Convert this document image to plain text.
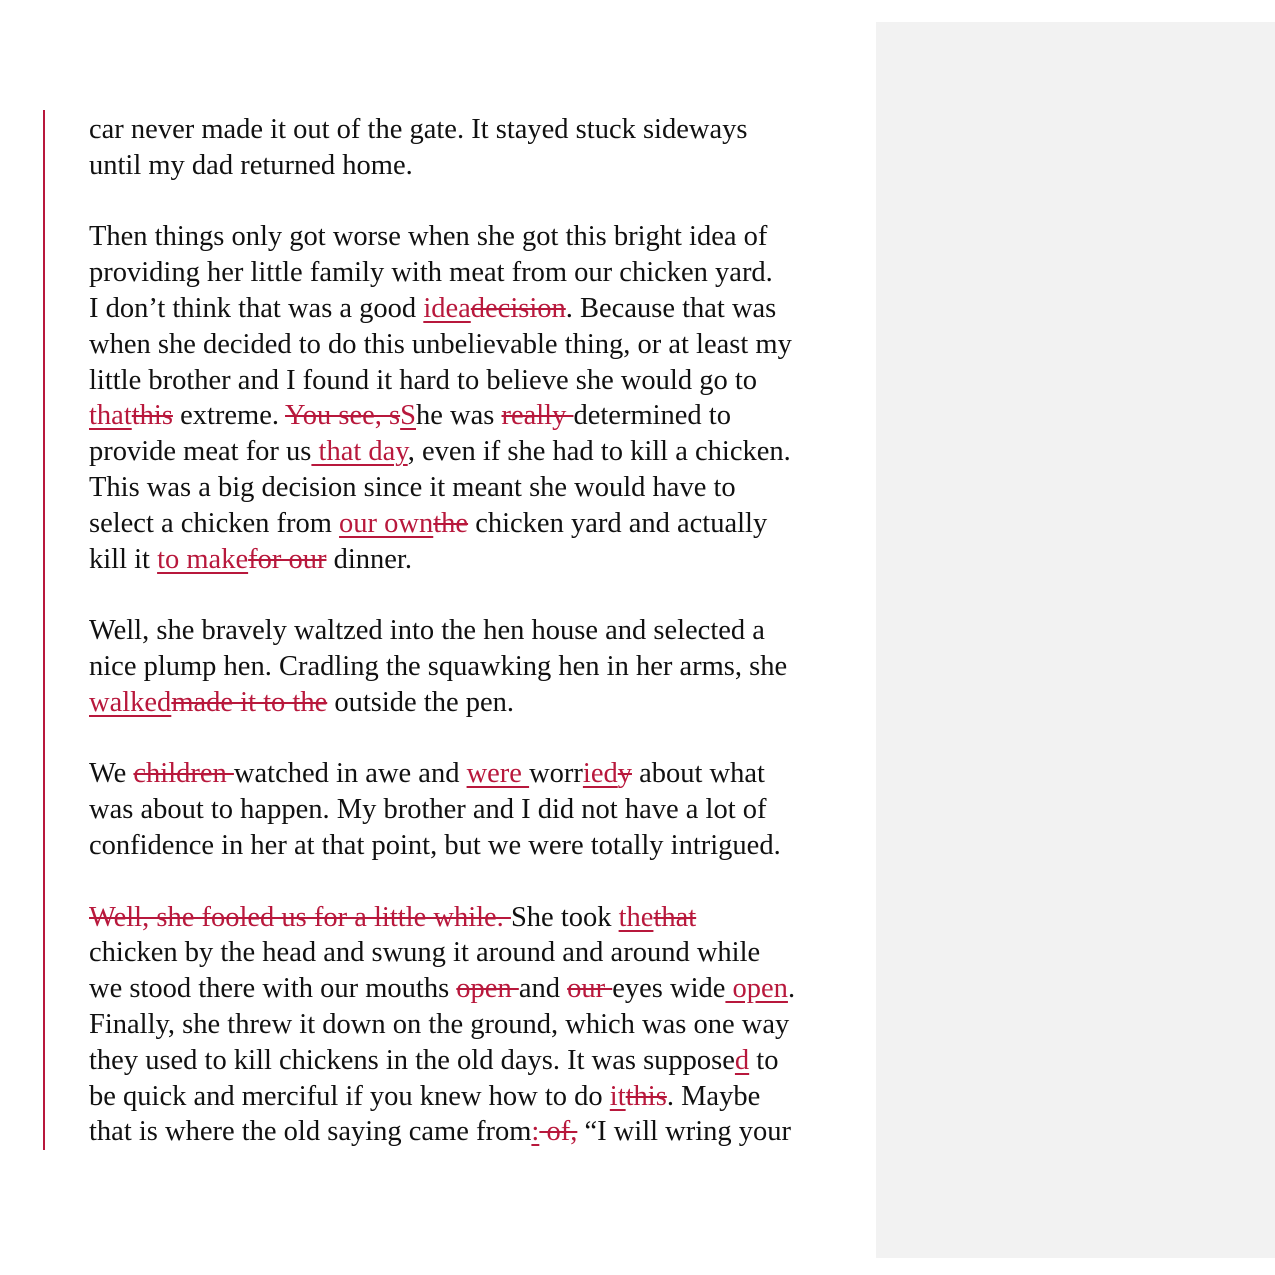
car never made it out of the gate. It stayed stuck sideways
until my dad returned home.
Then things only got worse when she got this bright idea of
providing her little family with meat from our chicken yard.
I don’t think that was a good ideadecision. Because that was
when she decided to do this unbelievable thing, or at least my
little brother and I found it hard to believe she would go to
thatthis extreme. You see, sShe was really determined to
provide meat for us that day, even if she had to kill a chicken.
This was a big decision since it meant she would have to
select a chicken from our ownthe chicken yard and actually
kill it to makefor our dinner.
Well, she bravely waltzed into the hen house and selected a
nice plump hen. Cradling the squawking hen in her arms, she
walkedmade it to the outside the pen.
We children watched in awe and were worriedy about what
was about to happen. My brother and I did not have a lot of
confidence in her at that point, but we were totally intrigued.
Well, she fooled us for a little while. She took thethat
chicken by the head and swung it around and around while
we stood there with our mouths open and our eyes wide open.
Finally, she threw it down on the ground, which was one way
they used to kill chickens in the old days. It was supposed to
be quick and merciful if you knew how to do itthis. Maybe
that is where the old saying came from: of, “I will wring your
